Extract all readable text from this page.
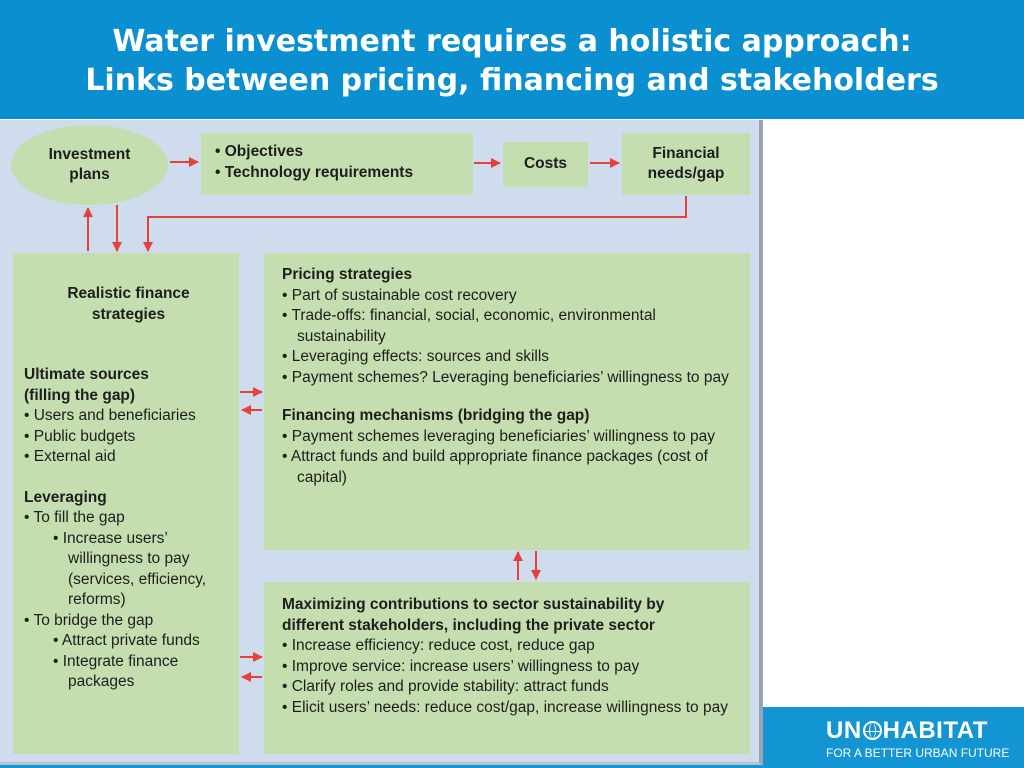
Water investment requires a holistic approach:
Links between pricing, financing and stakeholders
UN HABITAT
FOR A BETTER URBAN FUTURE
Investment
plans
• Objectives
• Technology requirements	Costs
Financial
needs/gap
Realistic finance
strategies
Ultimate sources
(filling the gap)
• Users and beneficiaries
• Public budgets
• External aid
Leveraging
• To fill the gap
• Increase users’ willingness to pay (services, efficiency, reforms)
• To bridge the gap
• Attract private funds
• Integrate finance packages
Pricing strategies
• Part of sustainable cost recovery
• Trade-offs: financial, social, economic, environmental sustainability
• Leveraging effects: sources and skills
• Payment schemes? Leveraging beneficiaries’ willingness to pay
Financing mechanisms (bridging the gap)
• Payment schemes leveraging beneficiaries’ willingness to pay
• Attract funds and build appropriate finance packages (cost of capital)
Maximizing contributions to sector sustainability by
different stakeholders, including the private sector
• Increase efficiency: reduce cost, reduce gap
• Improve service: increase users’ willingness to pay
• Clarify roles and provide stability: attract funds
• Elicit users’ needs: reduce cost/gap, increase willingness to pay
